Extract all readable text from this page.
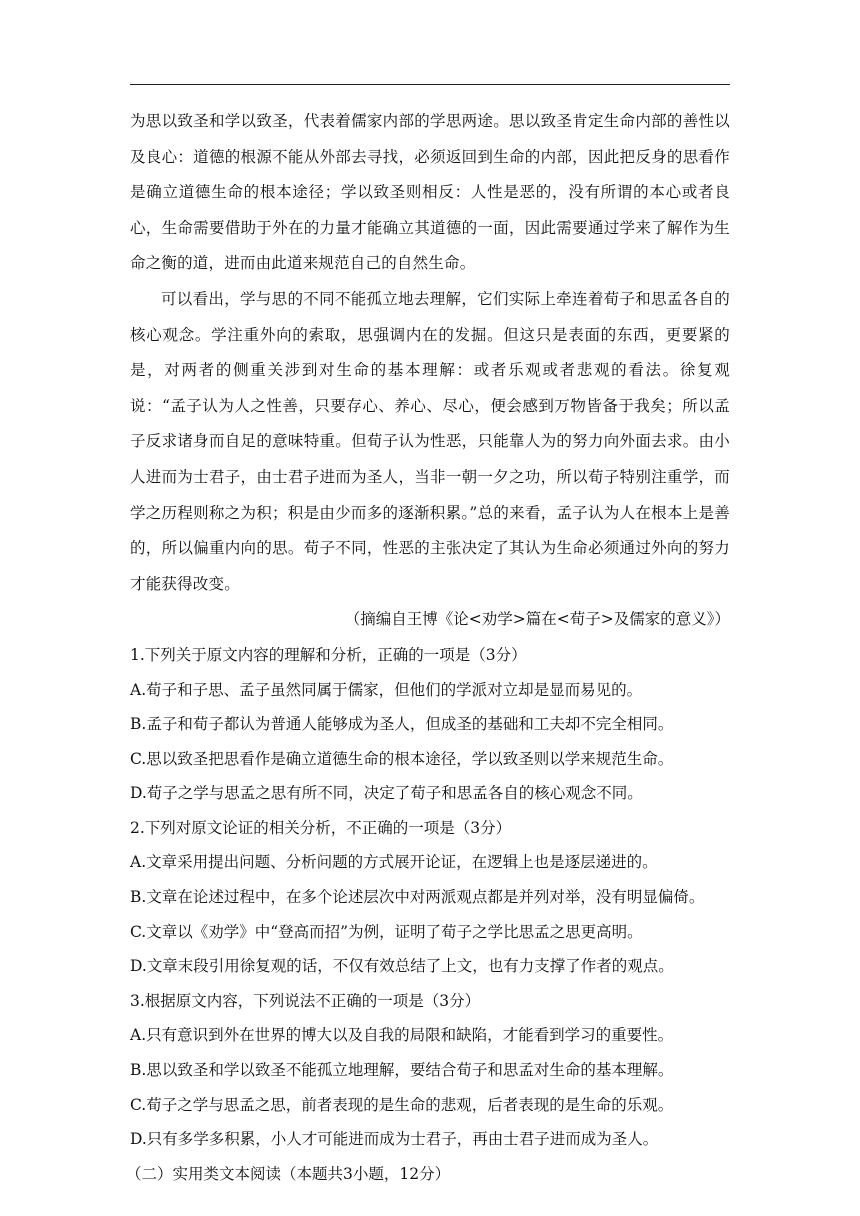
为思以致圣和学以致圣，代表着儒家内部的学思两途。思以致圣肯定生命内部的善性以及良心：道德的根源不能从外部去寻找，必须返回到生命的内部，因此把反身的思看作是确立道德生命的根本途径；学以致圣则相反：人性是恶的，没有所谓的本心或者良心，生命需要借助于外在的力量才能确立其道德的一面，因此需要通过学来了解作为生命之衡的道，进而由此道来规范自己的自然生命。

可以看出，学与思的不同不能孤立地去理解，它们实际上牵连着荀子和思孟各自的核心观念。学注重外向的索取，思强调内在的发掘。但这只是表面的东西，更要紧的是，对两者的侧重关涉到对生命的基本理解：或者乐观或者悲观的看法。徐复观说：“孟子认为人之性善，只要存心、养心、尽心，便会感到万物皆备于我矣；所以孟子反求诸身而自足的意味特重。但荀子认为性恶，只能靠人为的努力向外面去求。由小人进而为士君子，由士君子进而为圣人，当非一朝一夕之功，所以荀子特别注重学，而学之历程则称之为积；积是由少而多的逐渐积累。”总的来看，孟子认为人在根本上是善的，所以偏重内向的思。荀子不同，性恶的主张决定了其认为生命必须通过外向的努力才能获得改变。

（摘编自王博《论<劝学>篇在<荀子>及儒家的意义》）

1.下列关于原文内容的理解和分析，正确的一项是（3分）

A.荀子和子思、孟子虽然同属于儒家，但他们的学派对立却是显而易见的。

B.孟子和荀子都认为普通人能够成为圣人，但成圣的基础和工夫却不完全相同。

C.思以致圣把思看作是确立道德生命的根本途径，学以致圣则以学来规范生命。

D.荀子之学与思孟之思有所不同，决定了荀子和思孟各自的核心观念不同。

2.下列对原文论证的相关分析，不正确的一项是（3分）

A.文章采用提出问题、分析问题的方式展开论证，在逻辑上也是逐层递进的。

B.文章在论述过程中，在多个论述层次中对两派观点都是并列对举，没有明显偏倚。

C.文章以《劝学》中“登高而招”为例，证明了荀子之学比思孟之思更高明。

D.文章末段引用徐复观的话，不仅有效总结了上文，也有力支撑了作者的观点。

3.根据原文内容，下列说法不正确的一项是（3分）

A.只有意识到外在世界的博大以及自我的局限和缺陷，才能看到学习的重要性。

B.思以致圣和学以致圣不能孤立地理解，要结合荀子和思孟对生命的基本理解。

C.荀子之学与思孟之思，前者表现的是生命的悲观，后者表现的是生命的乐观。

D.只有多学多积累，小人才可能进而成为士君子，再由士君子进而成为圣人。

（二）实用类文本阅读（本题共3小题，12分）
